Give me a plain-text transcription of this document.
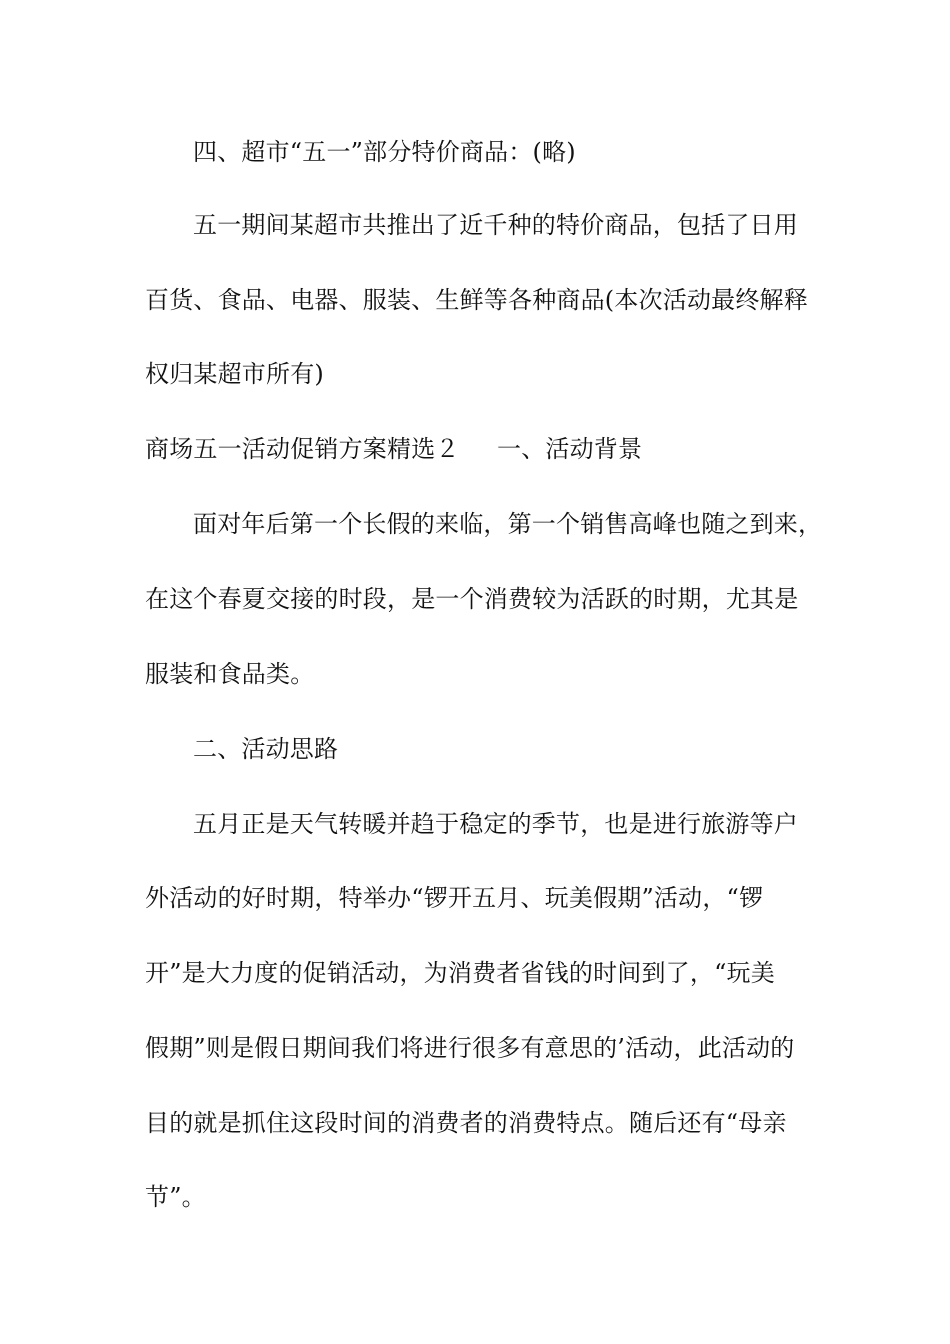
四、超市“五一”部分特价商品：(略)
五一期间某超市共推出了近千种的特价商品，包括了日用
百货、食品、电器、服装、生鲜等各种商品(本次活动最终解释
权归某超市所有)
商场五一活动促销方案精选２	一、活动背景
面对年后第一个长假的来临，第一个销售高峰也随之到来，
在这个春夏交接的时段，是一个消费较为活跃的时期，尤其是
服装和食品类。
二、活动思路
五月正是天气转暖并趋于稳定的季节，也是进行旅游等户
外活动的好时期，特举办“锣开五月、玩美假期”活动，“锣
开”是大力度的促销活动，为消费者省钱的时间到了，“玩美
假期”则是假日期间我们将进行很多有意思的’活动，此活动的
目的就是抓住这段时间的消费者的消费特点。随后还有“母亲
节”。
